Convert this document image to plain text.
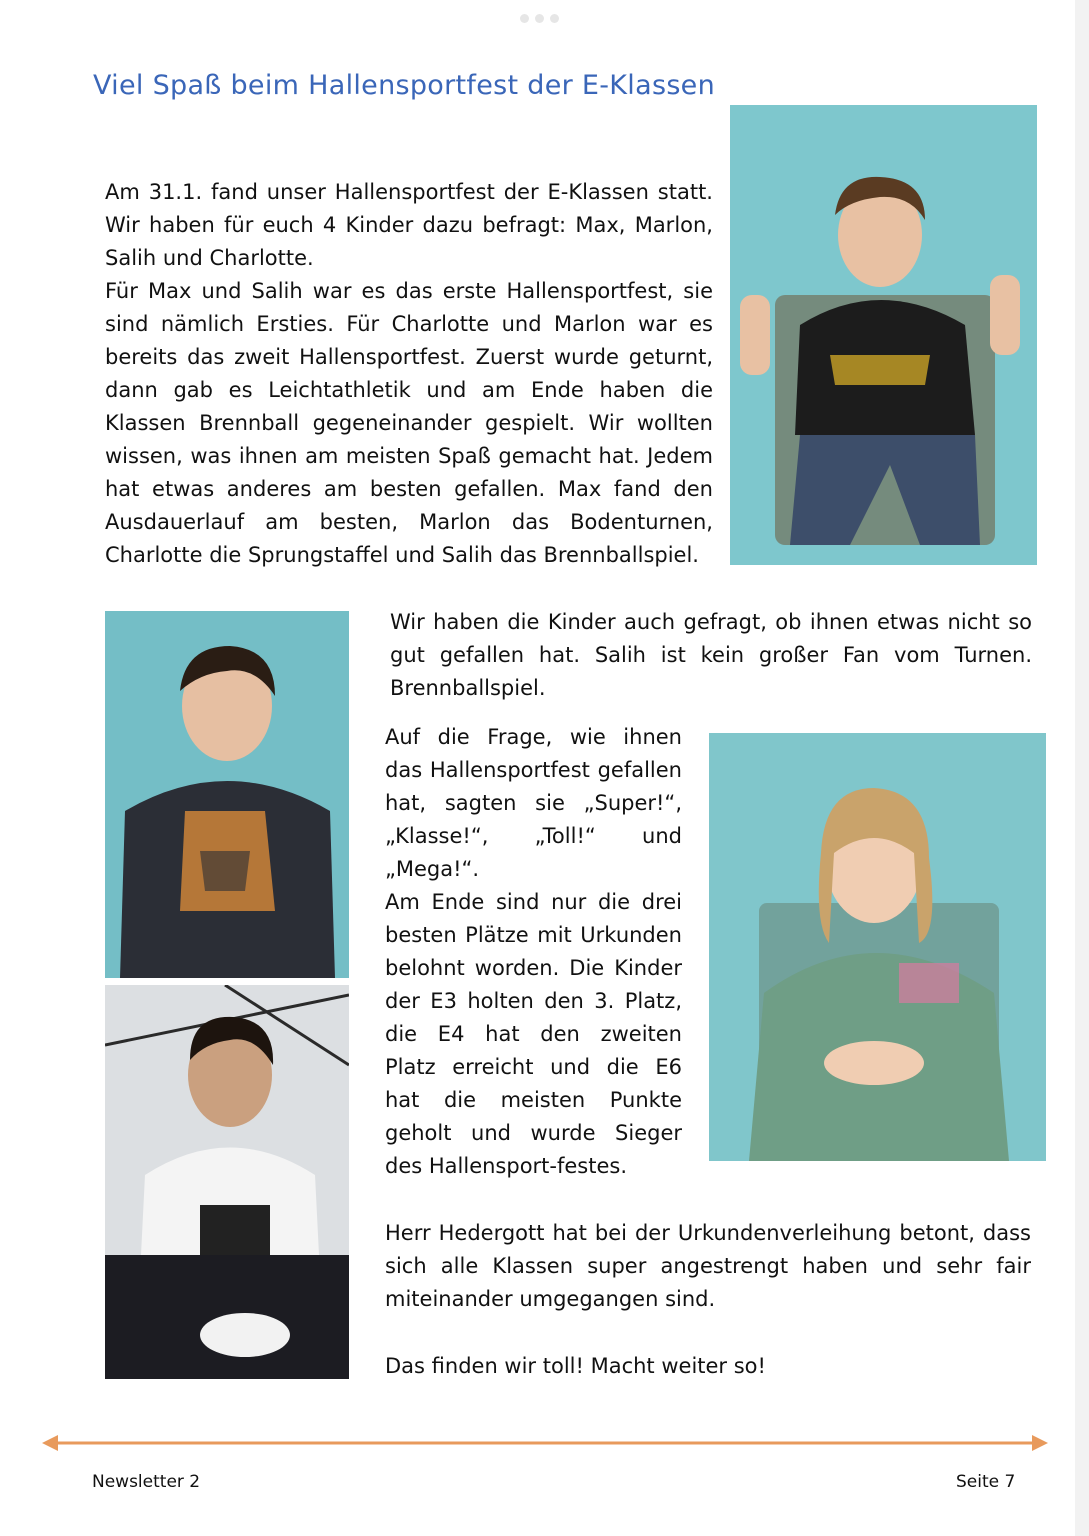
Viel Spaß beim Hallensportfest der E-Klassen

Am 31.1. fand unser Hallensportfest der E-Klassen statt. Wir haben für euch 4 Kinder dazu befragt: Max, Marlon, Salih und Charlotte.

Für Max und Salih war es das erste Hallensportfest, sie sind nämlich Ersties. Für Charlotte und Marlon war es bereits das zweit Hallensportfest. Zuerst wurde geturnt, dann gab es Leichtathletik und am Ende haben die Klassen Brennball gegeneinander gespielt. Wir wollten wissen, was ihnen am meisten Spaß gemacht hat. Jedem hat etwas anderes am besten gefallen. Max fand den Ausdauerlauf am besten, Marlon das Bodenturnen, Charlotte die Sprungstaffel und Salih das Brennballspiel.

Wir haben die Kinder auch gefragt, ob ihnen etwas nicht so gut gefallen hat. Salih ist kein großer Fan vom Turnen. Brennballspiel.

Auf die Frage, wie ihnen das Hallensportfest gefallen hat, sagten sie „Super!“, „Klasse!“, „Toll!“ und „Mega!“.

Am Ende sind nur die drei besten Plätze mit Urkunden belohnt worden. Die Kinder der E3 holten den 3. Platz, die E4 hat den zweiten Platz erreicht und die E6 hat die meisten Punkte geholt und wurde Sieger des Hallensport-festes.

Herr Hedergott hat bei der Urkundenverleihung betont, dass sich alle Klassen super angestrengt haben und sehr fair miteinander umgegangen sind.
Das finden wir toll! Macht weiter so!
Newsletter 2	Seite 7
